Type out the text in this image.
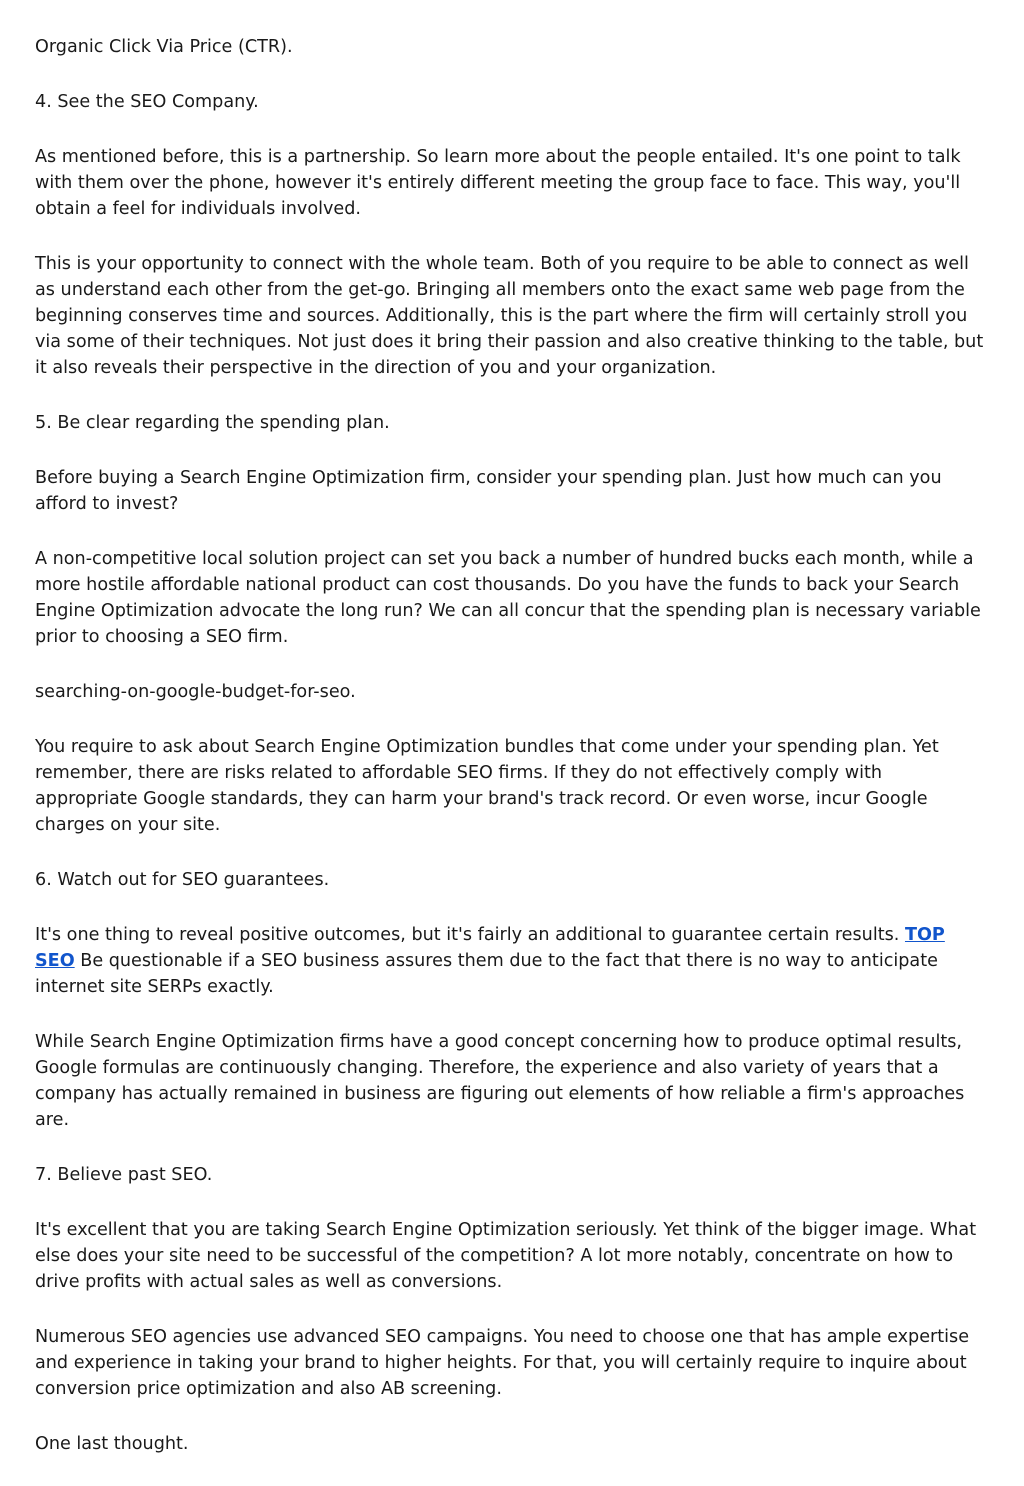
Organic Click Via Price (CTR).

4. See the SEO Company.

As mentioned before, this is a partnership. So learn more about the people entailed. It's one point to talk with them over the phone, however it's entirely different meeting the group face to face. This way, you'll obtain a feel for individuals involved.

This is your opportunity to connect with the whole team. Both of you require to be able to connect as well as understand each other from the get-go. Bringing all members onto the exact same web page from the beginning conserves time and sources. Additionally, this is the part where the firm will certainly stroll you via some of their techniques. Not just does it bring their passion and also creative thinking to the table, but it also reveals their perspective in the direction of you and your organization.

5. Be clear regarding the spending plan.

Before buying a Search Engine Optimization firm, consider your spending plan. Just how much can you afford to invest?

A non-competitive local solution project can set you back a number of hundred bucks each month, while a more hostile affordable national product can cost thousands. Do you have the funds to back your Search Engine Optimization advocate the long run? We can all concur that the spending plan is necessary variable prior to choosing a SEO firm.

searching-on-google-budget-for-seo.

You require to ask about Search Engine Optimization bundles that come under your spending plan. Yet remember, there are risks related to affordable SEO firms. If they do not effectively comply with appropriate Google standards, they can harm your brand's track record. Or even worse, incur Google charges on your site.

6. Watch out for SEO guarantees.

It's one thing to reveal positive outcomes, but it's fairly an additional to guarantee certain results. TOP SEO Be questionable if a SEO business assures them due to the fact that there is no way to anticipate internet site SERPs exactly.

While Search Engine Optimization firms have a good concept concerning how to produce optimal results, Google formulas are continuously changing. Therefore, the experience and also variety of years that a company has actually remained in business are figuring out elements of how reliable a firm's approaches are.

7. Believe past SEO.

It's excellent that you are taking Search Engine Optimization seriously. Yet think of the bigger image. What else does your site need to be successful of the competition? A lot more notably, concentrate on how to drive profits with actual sales as well as conversions.

Numerous SEO agencies use advanced SEO campaigns. You need to choose one that has ample expertise and experience in taking your brand to higher heights. For that, you will certainly require to inquire about conversion price optimization and also AB screening.

One last thought.
